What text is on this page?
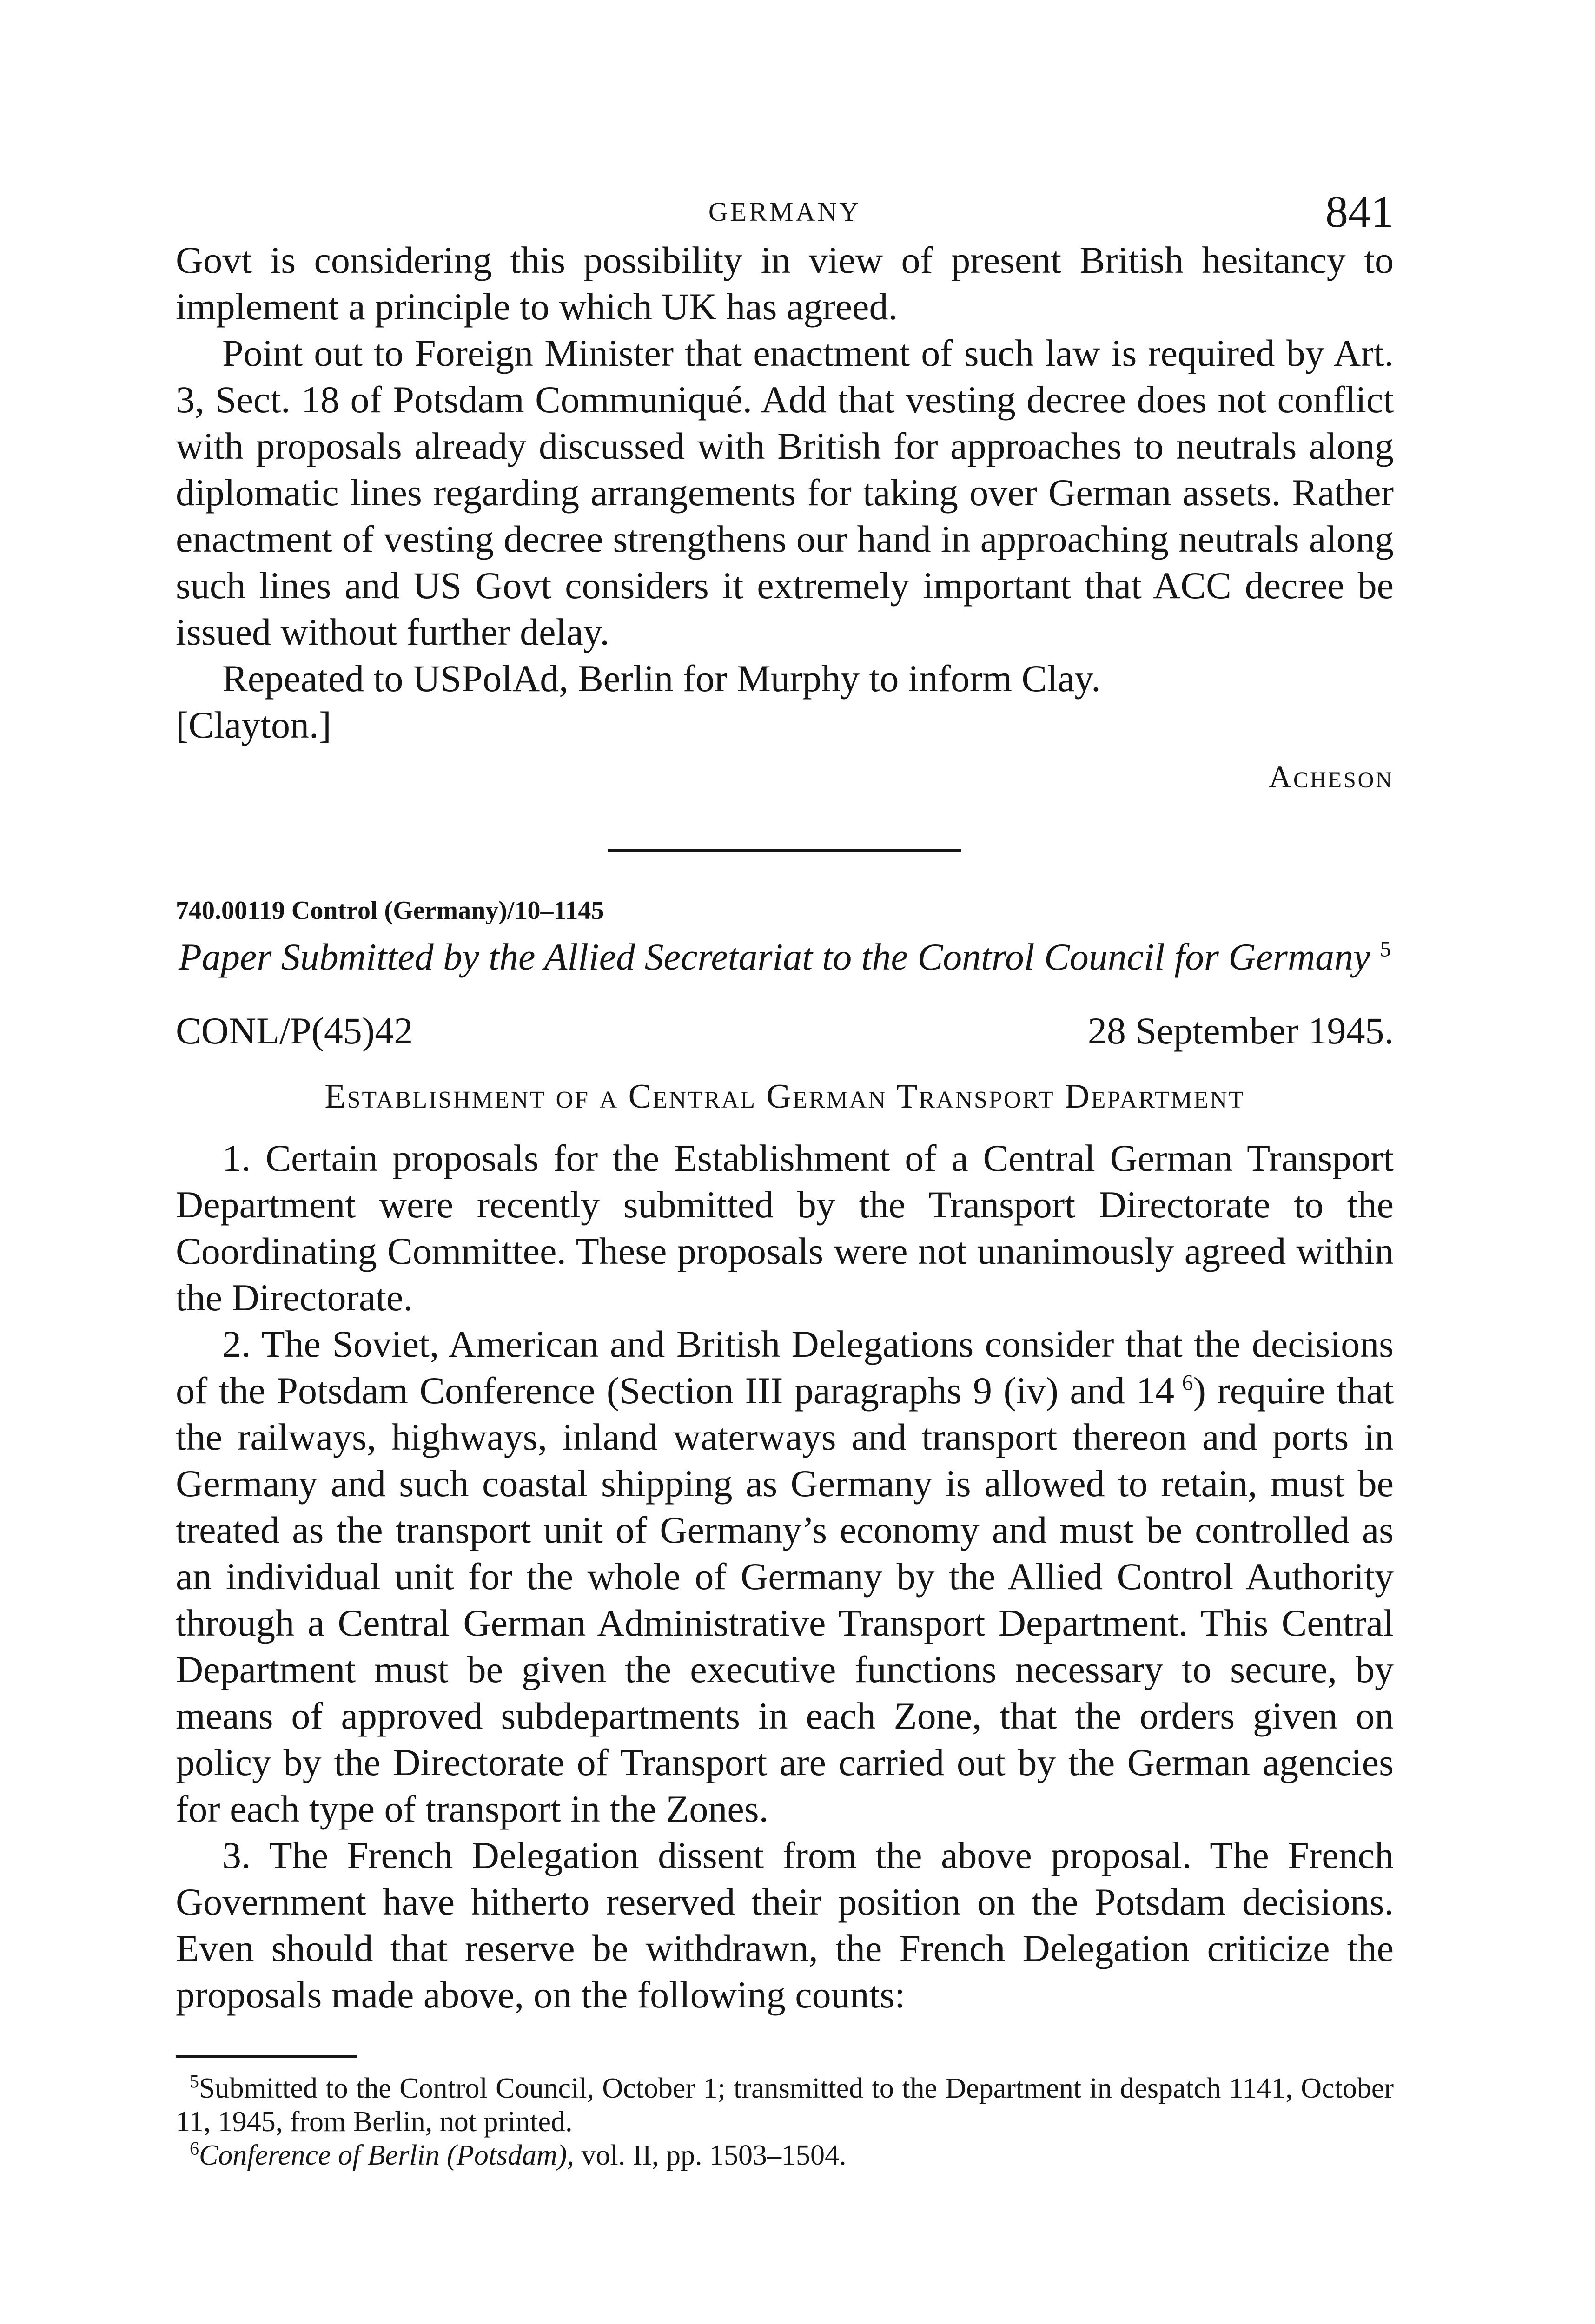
GERMANY	841

Govt is considering this possibility in view of present British hesitancy to implement a principle to which UK has agreed.

Point out to Foreign Minister that enactment of such law is required by Art. 3, Sect. 18 of Potsdam Communiqué. Add that vesting decree does not conflict with proposals already discussed with British for approaches to neutrals along diplomatic lines regarding arrangements for taking over German assets. Rather enactment of vesting decree strengthens our hand in approaching neutrals along such lines and US Govt considers it extremely important that ACC decree be issued without further delay.

Repeated to USPolAd, Berlin for Murphy to inform Clay.

[Clayton.]

Acheson
740.00119 Control (Germany)/10–1145
Paper Submitted by the Allied Secretariat to the Control Council for Germany $^5$
CONL/P(45)42	28 September 1945.
Establishment of a Central German Transport Department

1. Certain proposals for the Establishment of a Central German Transport Department were recently submitted by the Transport Directorate to the Coordinating Committee. These proposals were not unanimously agreed within the Directorate.

2. The Soviet, American and British Delegations consider that the decisions of the Potsdam Conference (Section III paragraphs 9 (iv) and 14  $^6$) require that the railways, highways, inland waterways and transport thereon and ports in Germany and such coastal shipping as Germany is allowed to retain, must be treated as the transport unit of Germany’s economy and must be controlled as an individual unit for the whole of Germany by the Allied Control Authority through a Central German Administrative Transport Department. This Central Department must be given the executive functions necessary to secure, by means of approved subdepartments in each Zone, that the orders given on policy by the Directorate of Transport are carried out by the German agencies for each type of transport in the Zones.

3. The French Delegation dissent from the above proposal. The French Government have hitherto reserved their position on the Potsdam decisions. Even should that reserve be withdrawn, the French Delegation criticize the proposals made above, on the following counts:

$^5$Submitted to the Control Council, October 1; transmitted to the Department in despatch 1141, October 11, 1945, from Berlin, not printed.
$^6$Conference of Berlin (Potsdam), vol. II, pp. 1503–1504.
